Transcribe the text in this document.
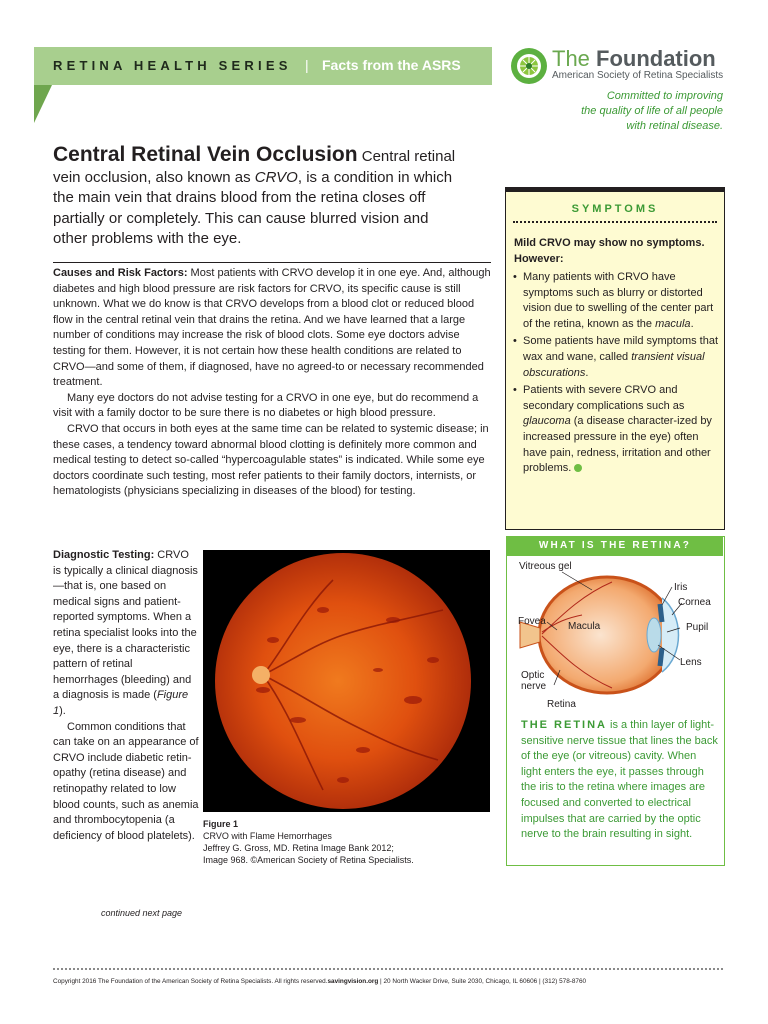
RETINA HEALTH SERIES | Facts from the ASRS	The Foundation
American Society of Retina Specialists
Committed to improving
the quality of life of all people
with retinal disease.
Central Retinal Vein Occlusion Central retinal vein occlusion, also known as CRVO, is a condition in which the main vein that drains blood from the retina closes off partially or completely. This can cause blurred vision and other problems with the eye.

Causes and Risk Factors: Most patients with CRVO develop it in one eye. And, although diabetes and high blood pressure are risk factors for CRVO, its specific cause is still unknown. What we do know is that CRVO develops from a blood clot or reduced blood flow in the central retinal vein that drains the retina. And we have learned that a large number of conditions may increase the risk of blood clots. Some eye doctors advise testing for them. However, it is not certain how these health conditions are related to CRVO—and some of them, if diagnosed, have no agreed-to or necessary recommended treatment.

Many eye doctors do not advise testing for a CRVO in one eye, but do recommend a visit with a family doctor to be sure there is no diabetes or high blood pressure.

CRVO that occurs in both eyes at the same time can be related to systemic disease; in these cases, a tendency toward abnormal blood clotting is definitely more common and medical testing to detect so-called “hypercoagulable states” is indicated. While some eye doctors coordinate such testing, most refer patients to their family doctors, internists, or hematologists (physicians specializing in diseases of the blood) for testing.

Diagnostic Testing: CRVO is typically a clinical diagnosis—that is, one based on medical signs and patient-reported symptoms. When a retina specialist looks into the eye, there is a characteristic pattern of retinal hemorrhages (bleeding) and a diagnosis is made (Figure 1).

Common conditions that can take on an appearance of CRVO include diabetic retin-opathy (retina disease) and retinopathy related to low blood counts, such as anemia and thrombocytopenia (a deficiency of blood platelets).

continued next page
Figure 1
CRVO with Flame Hemorrhages
Jeffrey G. Gross, MD. Retina Image Bank 2012;
Image 968. ©American Society of Retina Specialists.
SYMPTOMS
Mild CRVO may show no symptoms. However:
• Many patients with CRVO have symptoms such as blurry or distorted vision due to swelling of the center part of the retina, known as the macula.
• Some patients have mild symptoms that wax and wane, called transient visual obscurations.
• Patients with severe CRVO and secondary complications such as glaucoma (a disease character-ized by increased pressure in the eye) often have pain, redness, irritation and other problems.
WHAT IS THE RETINA?
Vitreous gel
Iris
Cornea
Fovea Macula	Pupil
Lens
Optic
nerve
Retina
THE RETINA is a thin layer of light-sensitive nerve tissue that lines the back of the eye (or vitreous) cavity. When light enters the eye, it passes through the iris to the retina where images are focused and converted to electrical impulses that are carried by the optic nerve to the brain resulting in sight.
Copyright 2016 The Foundation of the American Society of Retina Specialists. All rights reserved.savingvision.org | 20 North Wacker Drive, Suite 2030, Chicago, IL 60606 | (312) 578-8760
